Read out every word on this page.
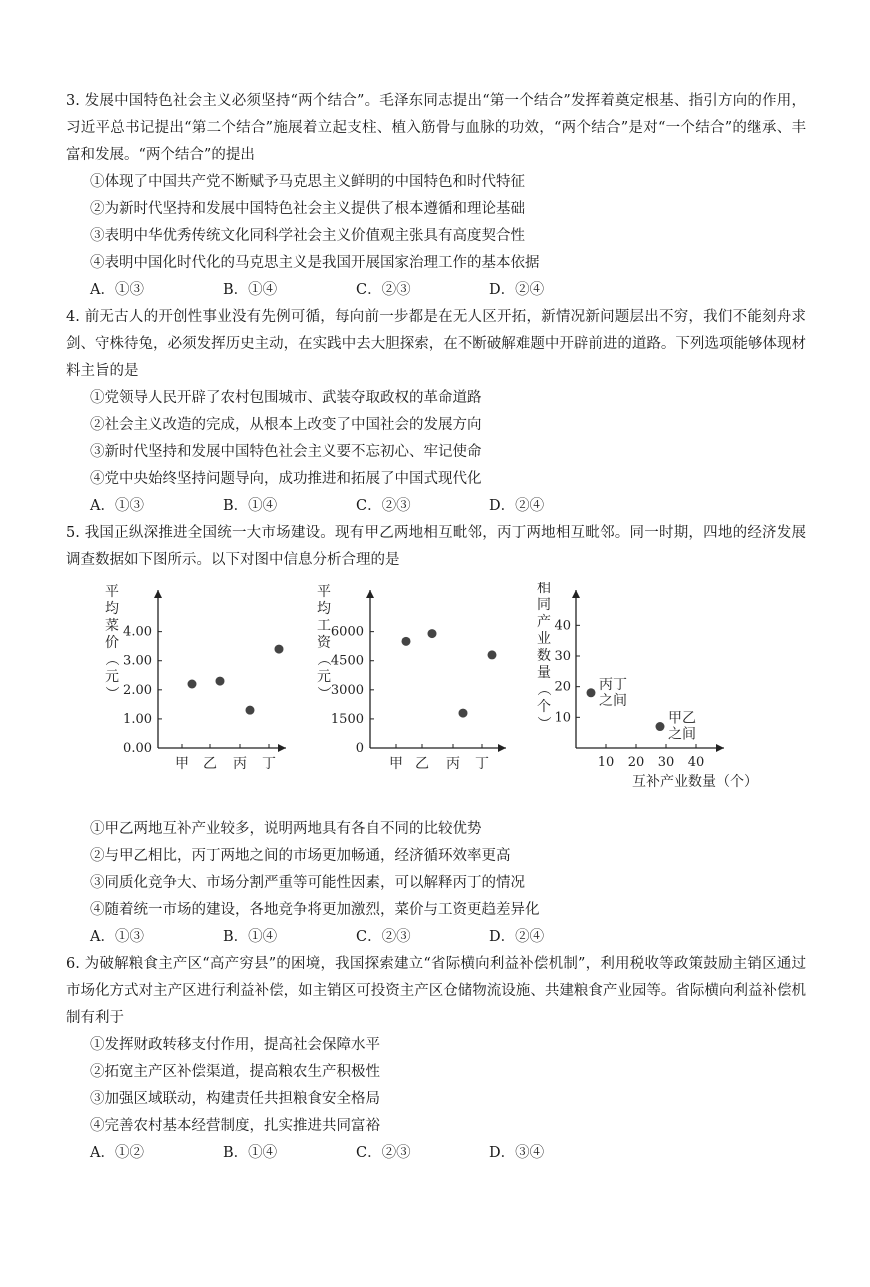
3. 发展中国特色社会主义必须坚持“两个结合”。毛泽东同志提出“第一个结合”发挥着奠定根基、指引方向的作用，习近平总书记提出“第二个结合”施展着立起支柱、植入筋骨与血脉的功效，“两个结合”是对“一个结合”的继承、丰富和发展。“两个结合”的提出

①体现了中国共产党不断赋予马克思主义鲜明的中国特色和时代特征

②为新时代坚持和发展中国特色社会主义提供了根本遵循和理论基础

③表明中华优秀传统文化同科学社会主义价值观主张具有高度契合性

④表明中国化时代化的马克思主义是我国开展国家治理工作的基本依据

A．①③	B．①④	C．②③	D．②④

4. 前无古人的开创性事业没有先例可循，每向前一步都是在无人区开拓，新情况新问题层出不穷，我们不能刻舟求剑、守株待兔，必须发挥历史主动，在实践中去大胆探索，在不断破解难题中开辟前进的道路。下列选项能够体现材料主旨的是

①党领导人民开辟了农村包围城市、武装夺取政权的革命道路

②社会主义改造的完成，从根本上改变了中国社会的发展方向

③新时代坚持和发展中国特色社会主义要不忘初心、牢记使命

④党中央始终坚持问题导向，成功推进和拓展了中国式现代化

A．①③	B．①④	C．②③	D．②④

5. 我国正纵深推进全国统一大市场建设。现有甲乙两地相互毗邻，丙丁两地相互毗邻。同一时期，四地的经济发展调查数据如下图所示。以下对图中信息分析合理的是

0.00
1.00
2.00
3.00
4.00
甲 乙 丙 丁
平
均
菜
价
（
元
）
0
1500
3000
4500
6000
甲 乙 丙 丁
平
均
工
资
（
元
）
10 20 30 40
10
20
30
40
丙丁
之间
甲乙
之间
互补产业数量（个）
相
同
产
业
数
量
（
个
）

①甲乙两地互补产业较多，说明两地具有各自不同的比较优势

②与甲乙相比，丙丁两地之间的市场更加畅通，经济循环效率更高

③同质化竞争大、市场分割严重等可能性因素，可以解释丙丁的情况

④随着统一市场的建设，各地竞争将更加激烈，菜价与工资更趋差异化

A．①③	B．①④	C．②③	D．②④

6. 为破解粮食主产区“高产穷县”的困境，我国探索建立“省际横向利益补偿机制”，利用税收等政策鼓励主销区通过市场化方式对主产区进行利益补偿，如主销区可投资主产区仓储物流设施、共建粮食产业园等。省际横向利益补偿机制有利于

①发挥财政转移支付作用，提高社会保障水平

②拓宽主产区补偿渠道，提高粮农生产积极性

③加强区域联动，构建责任共担粮食安全格局

④完善农村基本经营制度，扎实推进共同富裕

A．①②	B．①④	C．②③	D．③④
